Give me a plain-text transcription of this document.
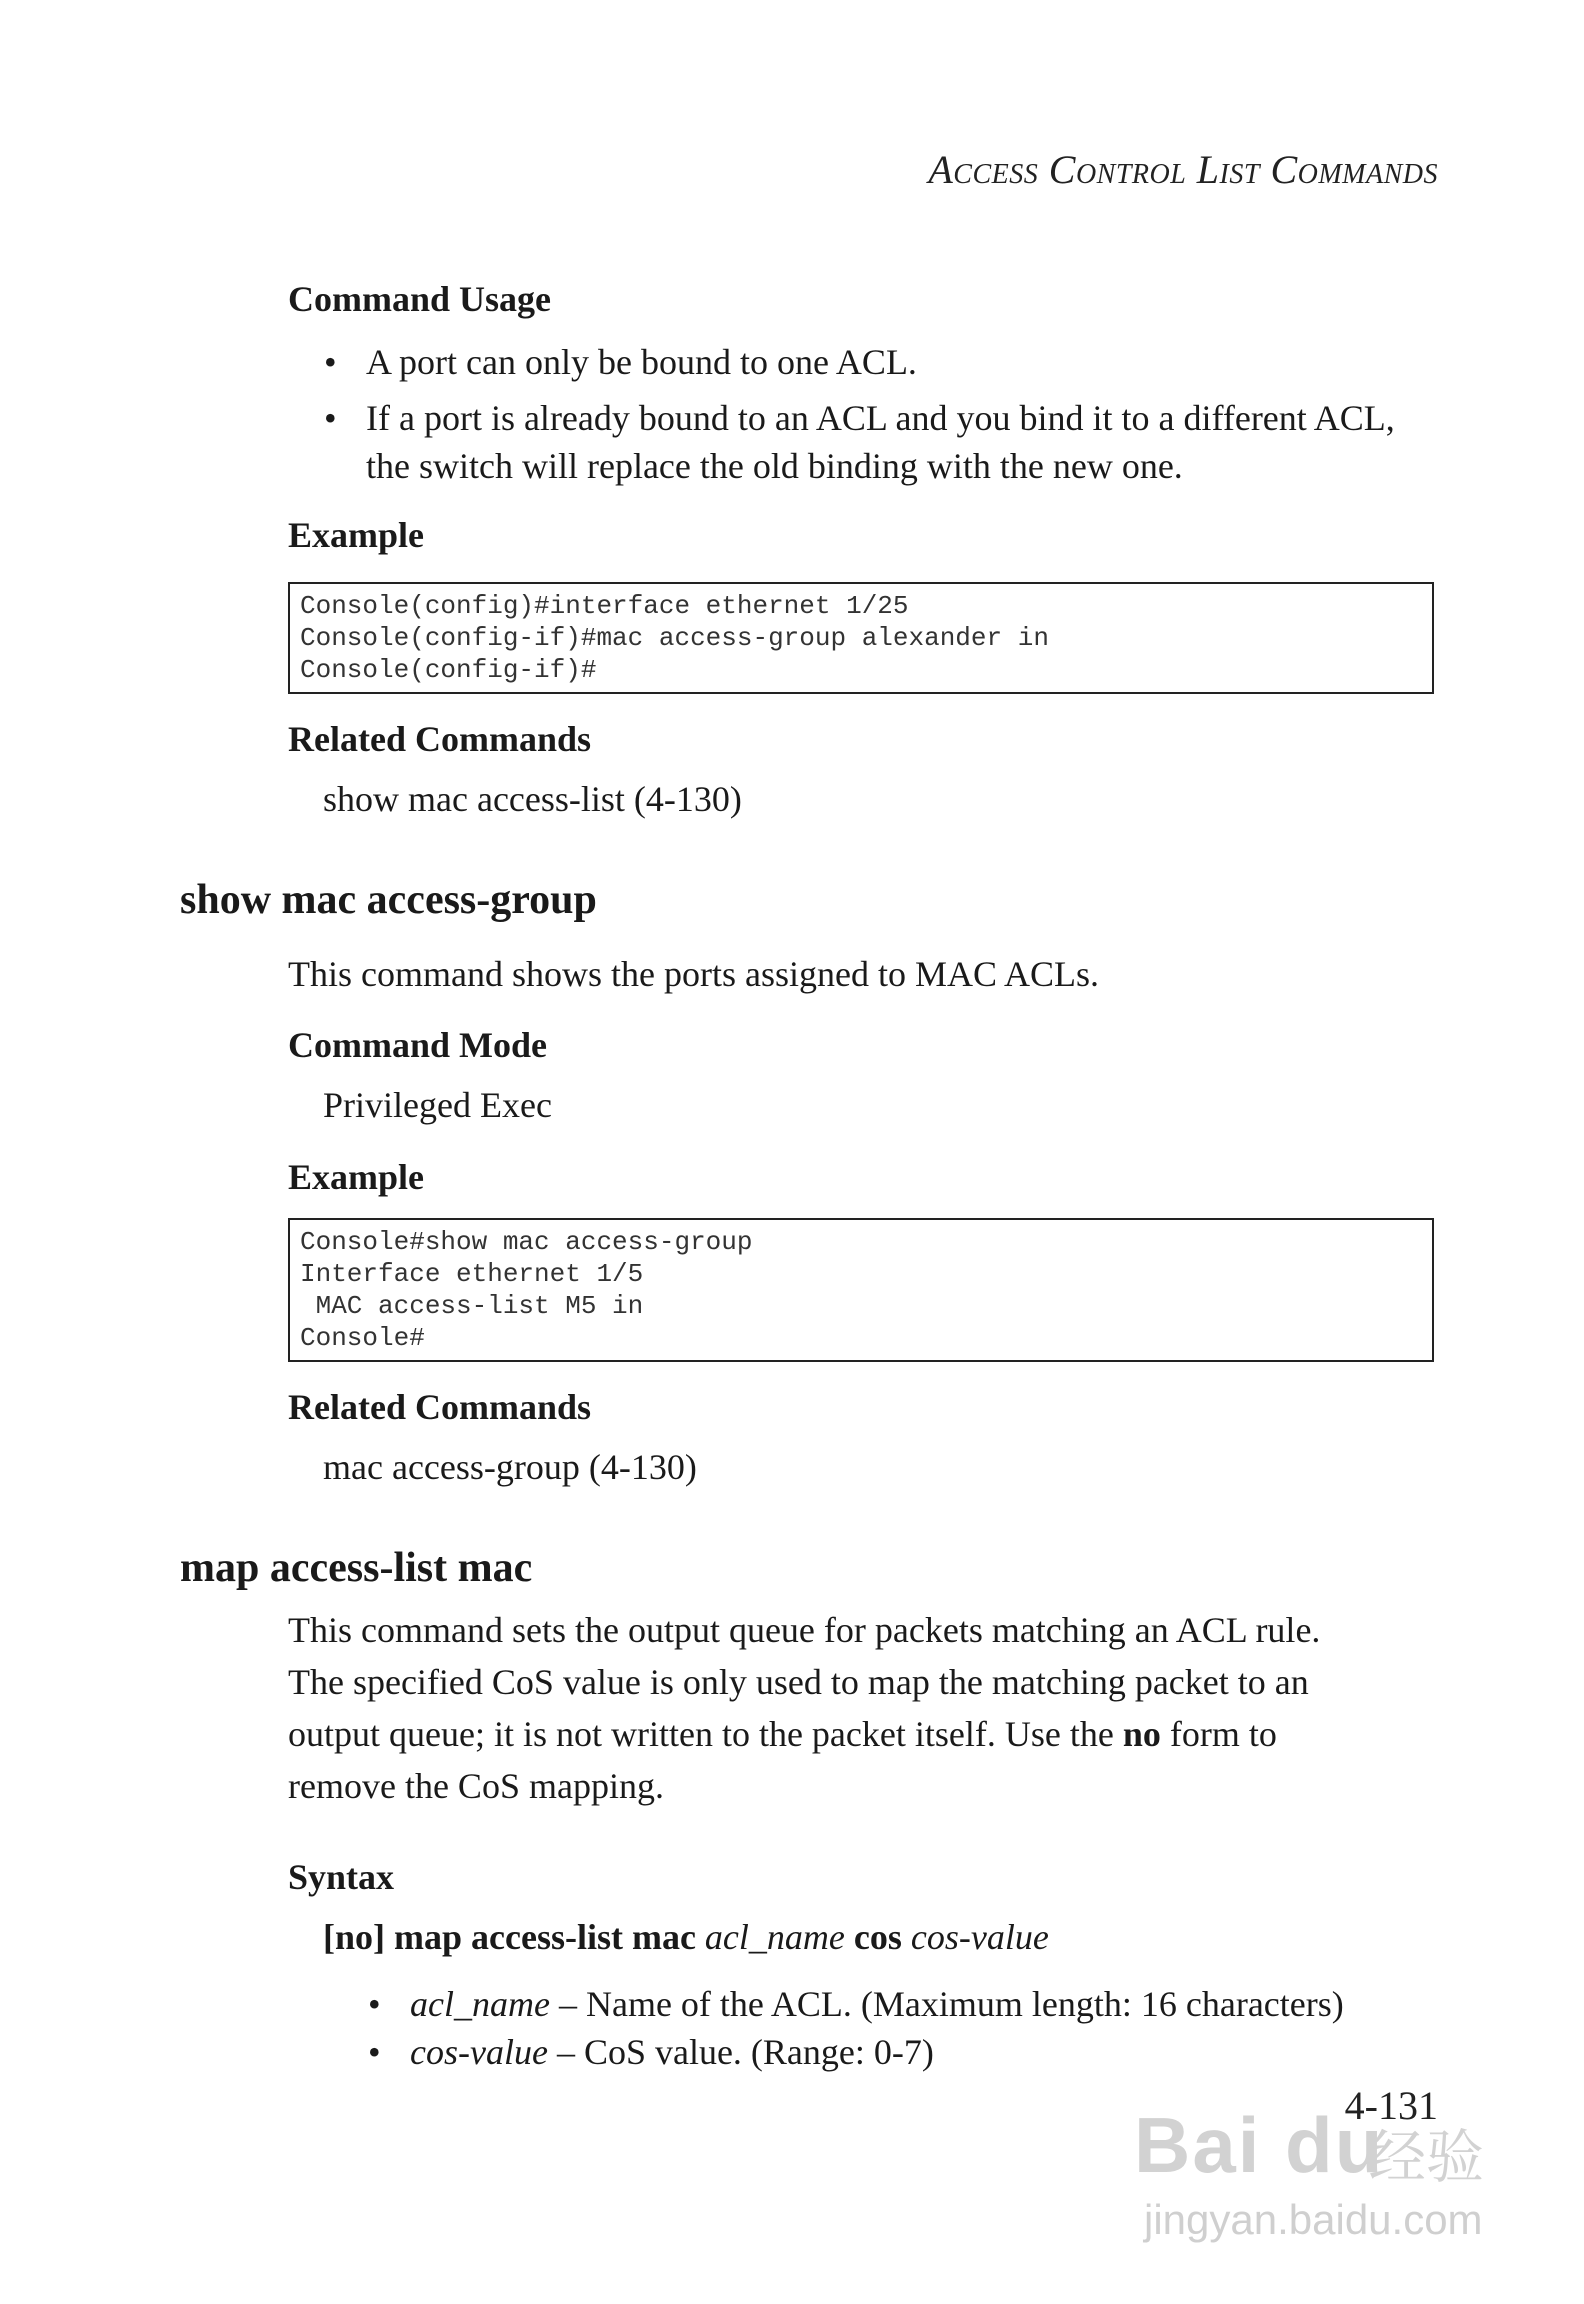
Access Control List Commands
Command Usage
• A port can only be bound to one ACL.
• If a port is already bound to an ACL and you bind it to a different ACL, the switch will replace the old binding with the new one.
Example
Console(config)#interface ethernet 1/25
Console(config-if)#mac access-group alexander in
Console(config-if)#
Related Commands
show mac access-list (4-130)
show mac access-group
This command shows the ports assigned to MAC ACLs.
Command Mode
Privileged Exec
Example
Console#show mac access-group
Interface ethernet 1/5
MAC access-list M5 in
Console#
Related Commands
mac access-group (4-130)
map access-list mac
This command sets the output queue for packets matching an ACL rule.
The specified CoS value is only used to map the matching packet to an
output queue; it is not written to the packet itself. Use the no form to
remove the CoS mapping.
Syntax
[no] map access-list mac acl_name cos cos-value
• acl_name – Name of the ACL. (Maximum length: 16 characters)
• cos-value – CoS value. (Range: 0-7)
Bai du
经验
jingyan.baidu.com
4-131
